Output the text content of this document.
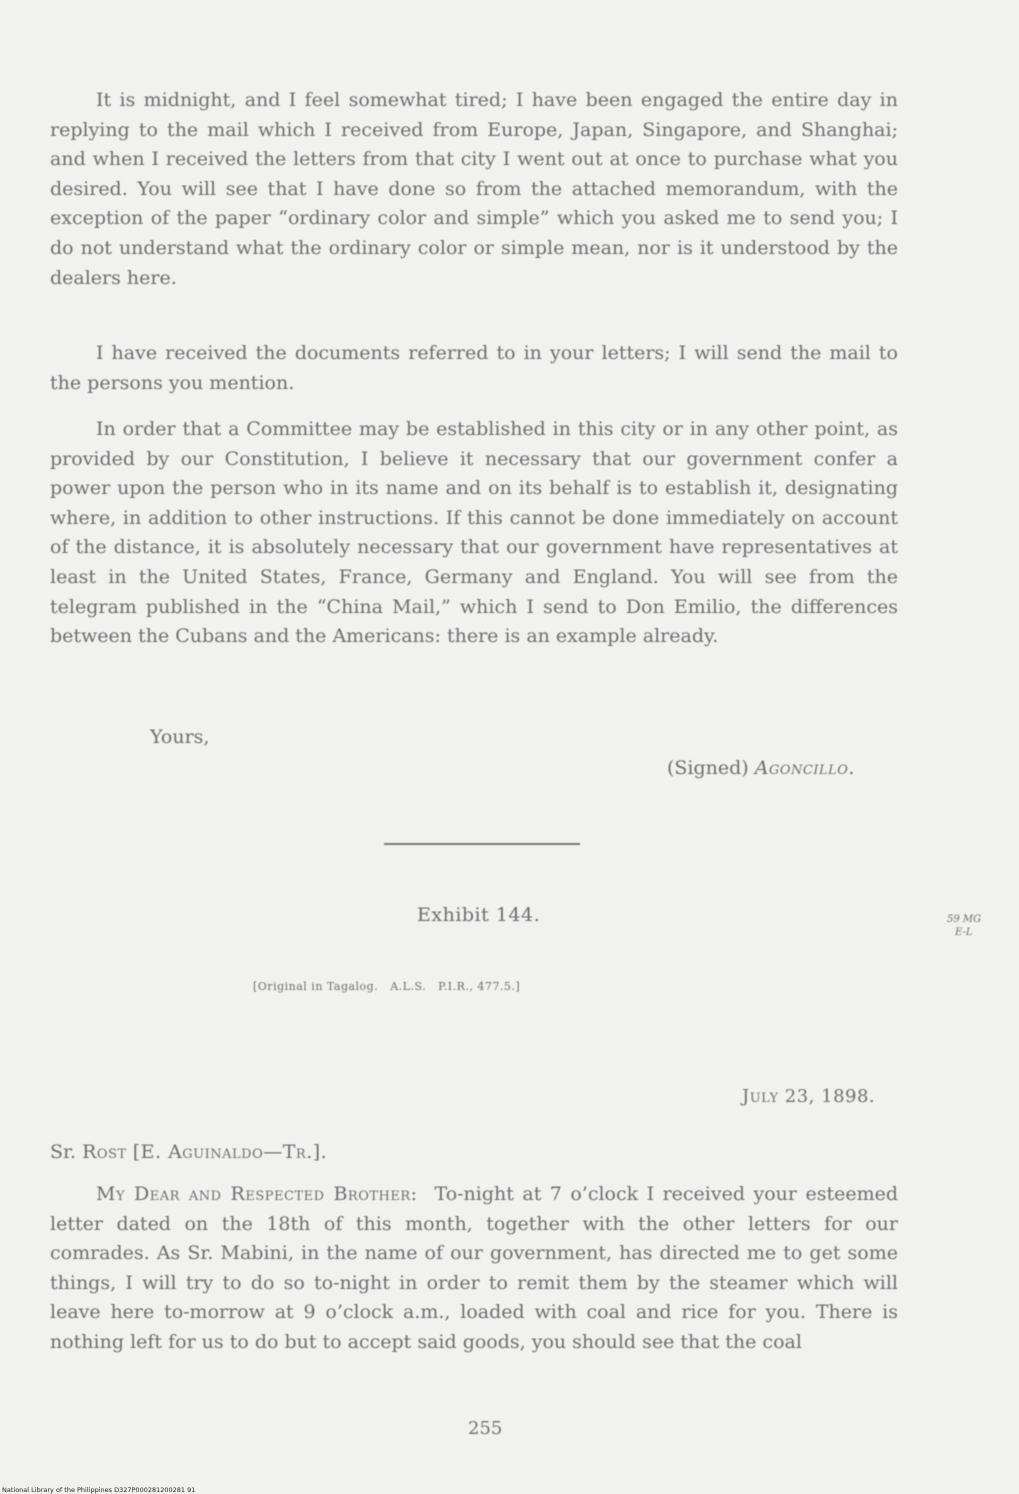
It is midnight, and I feel somewhat tired; I have been engaged the entire day in replying to the mail which I received from Europe, Japan, Singapore, and Shanghai; and when I received the letters from that city I went out at once to purchase what you desired. You will see that I have done so from the attached memorandum, with the exception of the paper “ordinary color and simple” which you asked me to send you; I do not understand what the ordinary color or simple mean, nor is it understood by the dealers here.

I have received the documents referred to in your letters; I will send the mail to the persons you mention.

In order that a Committee may be established in this city or in any other point, as provided by our Constitution, I believe it necessary that our government confer a power upon the person who in its name and on its behalf is to establish it, designating where, in addition to other instructions. If this cannot be done immediately on account of the distance, it is absolutely necessary that our government have representatives at least in the United States, France, Germany and England. You will see from the telegram published in the “China Mail,” which I send to Don Emilio, the differences between the Cubans and the Americans: there is an example already.

Yours,

(Signed) Agoncillo.

Exhibit 144.	59 MG
E-L

[Original in Tagalog.   A.L.S.   P.I.R., 477.5.]

July 23, 1898.

Sr. Rost [E. Aguinaldo—Tr.].

My Dear and Respected Brother: To-night at 7 o’clock I received your esteemed letter dated on the 18th of this month, together with the other letters for our comrades. As Sr. Mabini, in the name of our government, has directed me to get some things, I will try to do so to-night in order to remit them by the steamer which will leave here to-morrow at 9 o’clock a.m., loaded with coal and rice for you. There is nothing left for us to do but to accept said goods, you should see that the coal

255

National Library of the Philippines D327P000281200281 91
